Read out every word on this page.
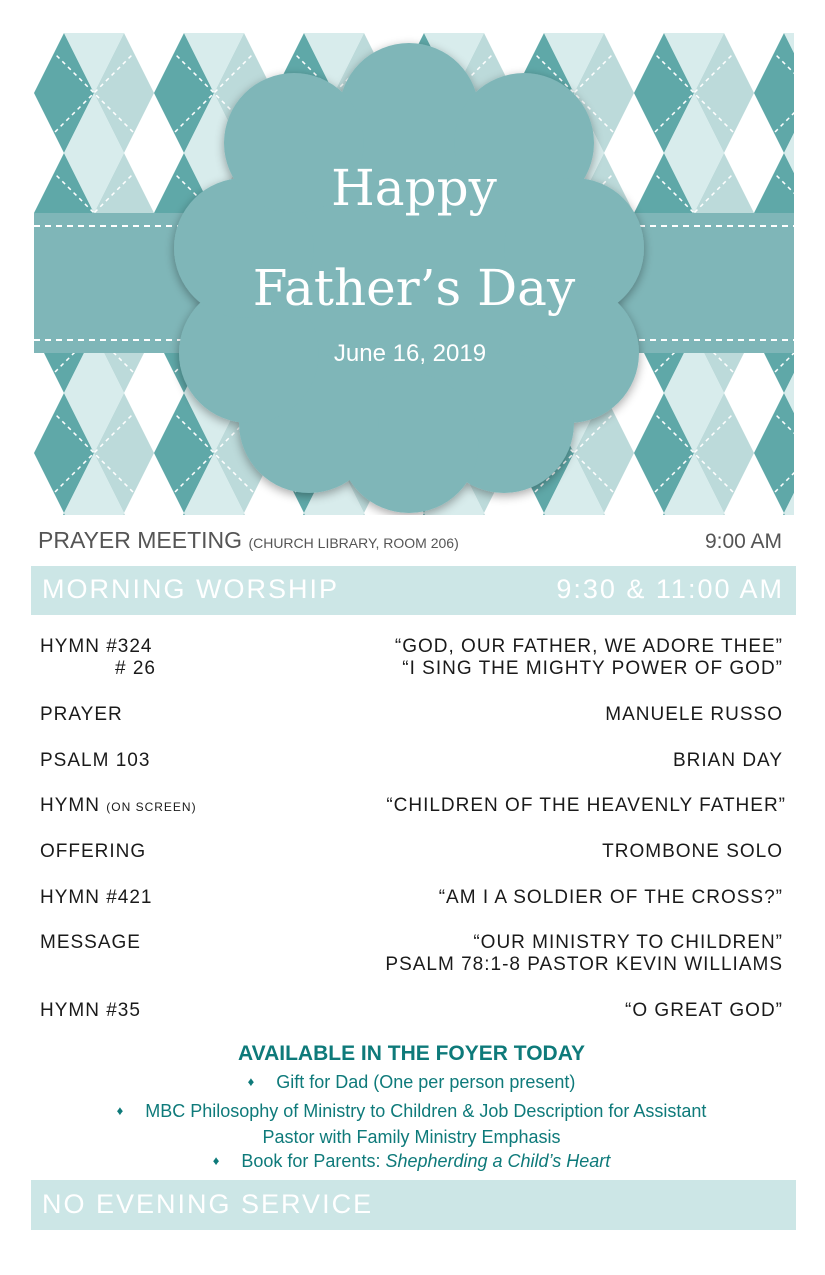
Happy
Father’s Day
June 16, 2019
PRAYER MEETING (CHURCH LIBRARY, ROOM 206)	9:00 AM
MORNING WORSHIP	9:30 & 11:00 AM
HYMN #324	“GOD, OUR FATHER, WE ADORE THEE”
# 26	“I SING THE MIGHTY POWER OF GOD”
PRAYER	MANUELE RUSSO
PSALM 103	BRIAN DAY
HYMN (ON SCREEN)	“CHILDREN OF THE HEAVENLY FATHER”
OFFERING	TROMBONE SOLO
HYMN #421	“AM I A SOLDIER OF THE CROSS?”
MESSAGE	“OUR MINISTRY TO CHILDREN”
PSALM 78:1-8 PASTOR KEVIN WILLIAMS
HYMN #35	“O GREAT GOD”
AVAILABLE IN THE FOYER TODAY
♦ Gift for Dad (One per person present)
♦ MBC Philosophy of Ministry to Children & Job Description for Assistant
Pastor with Family Ministry Emphasis
♦ Book for Parents: Shepherding a Child’s Heart
NO EVENING SERVICE
